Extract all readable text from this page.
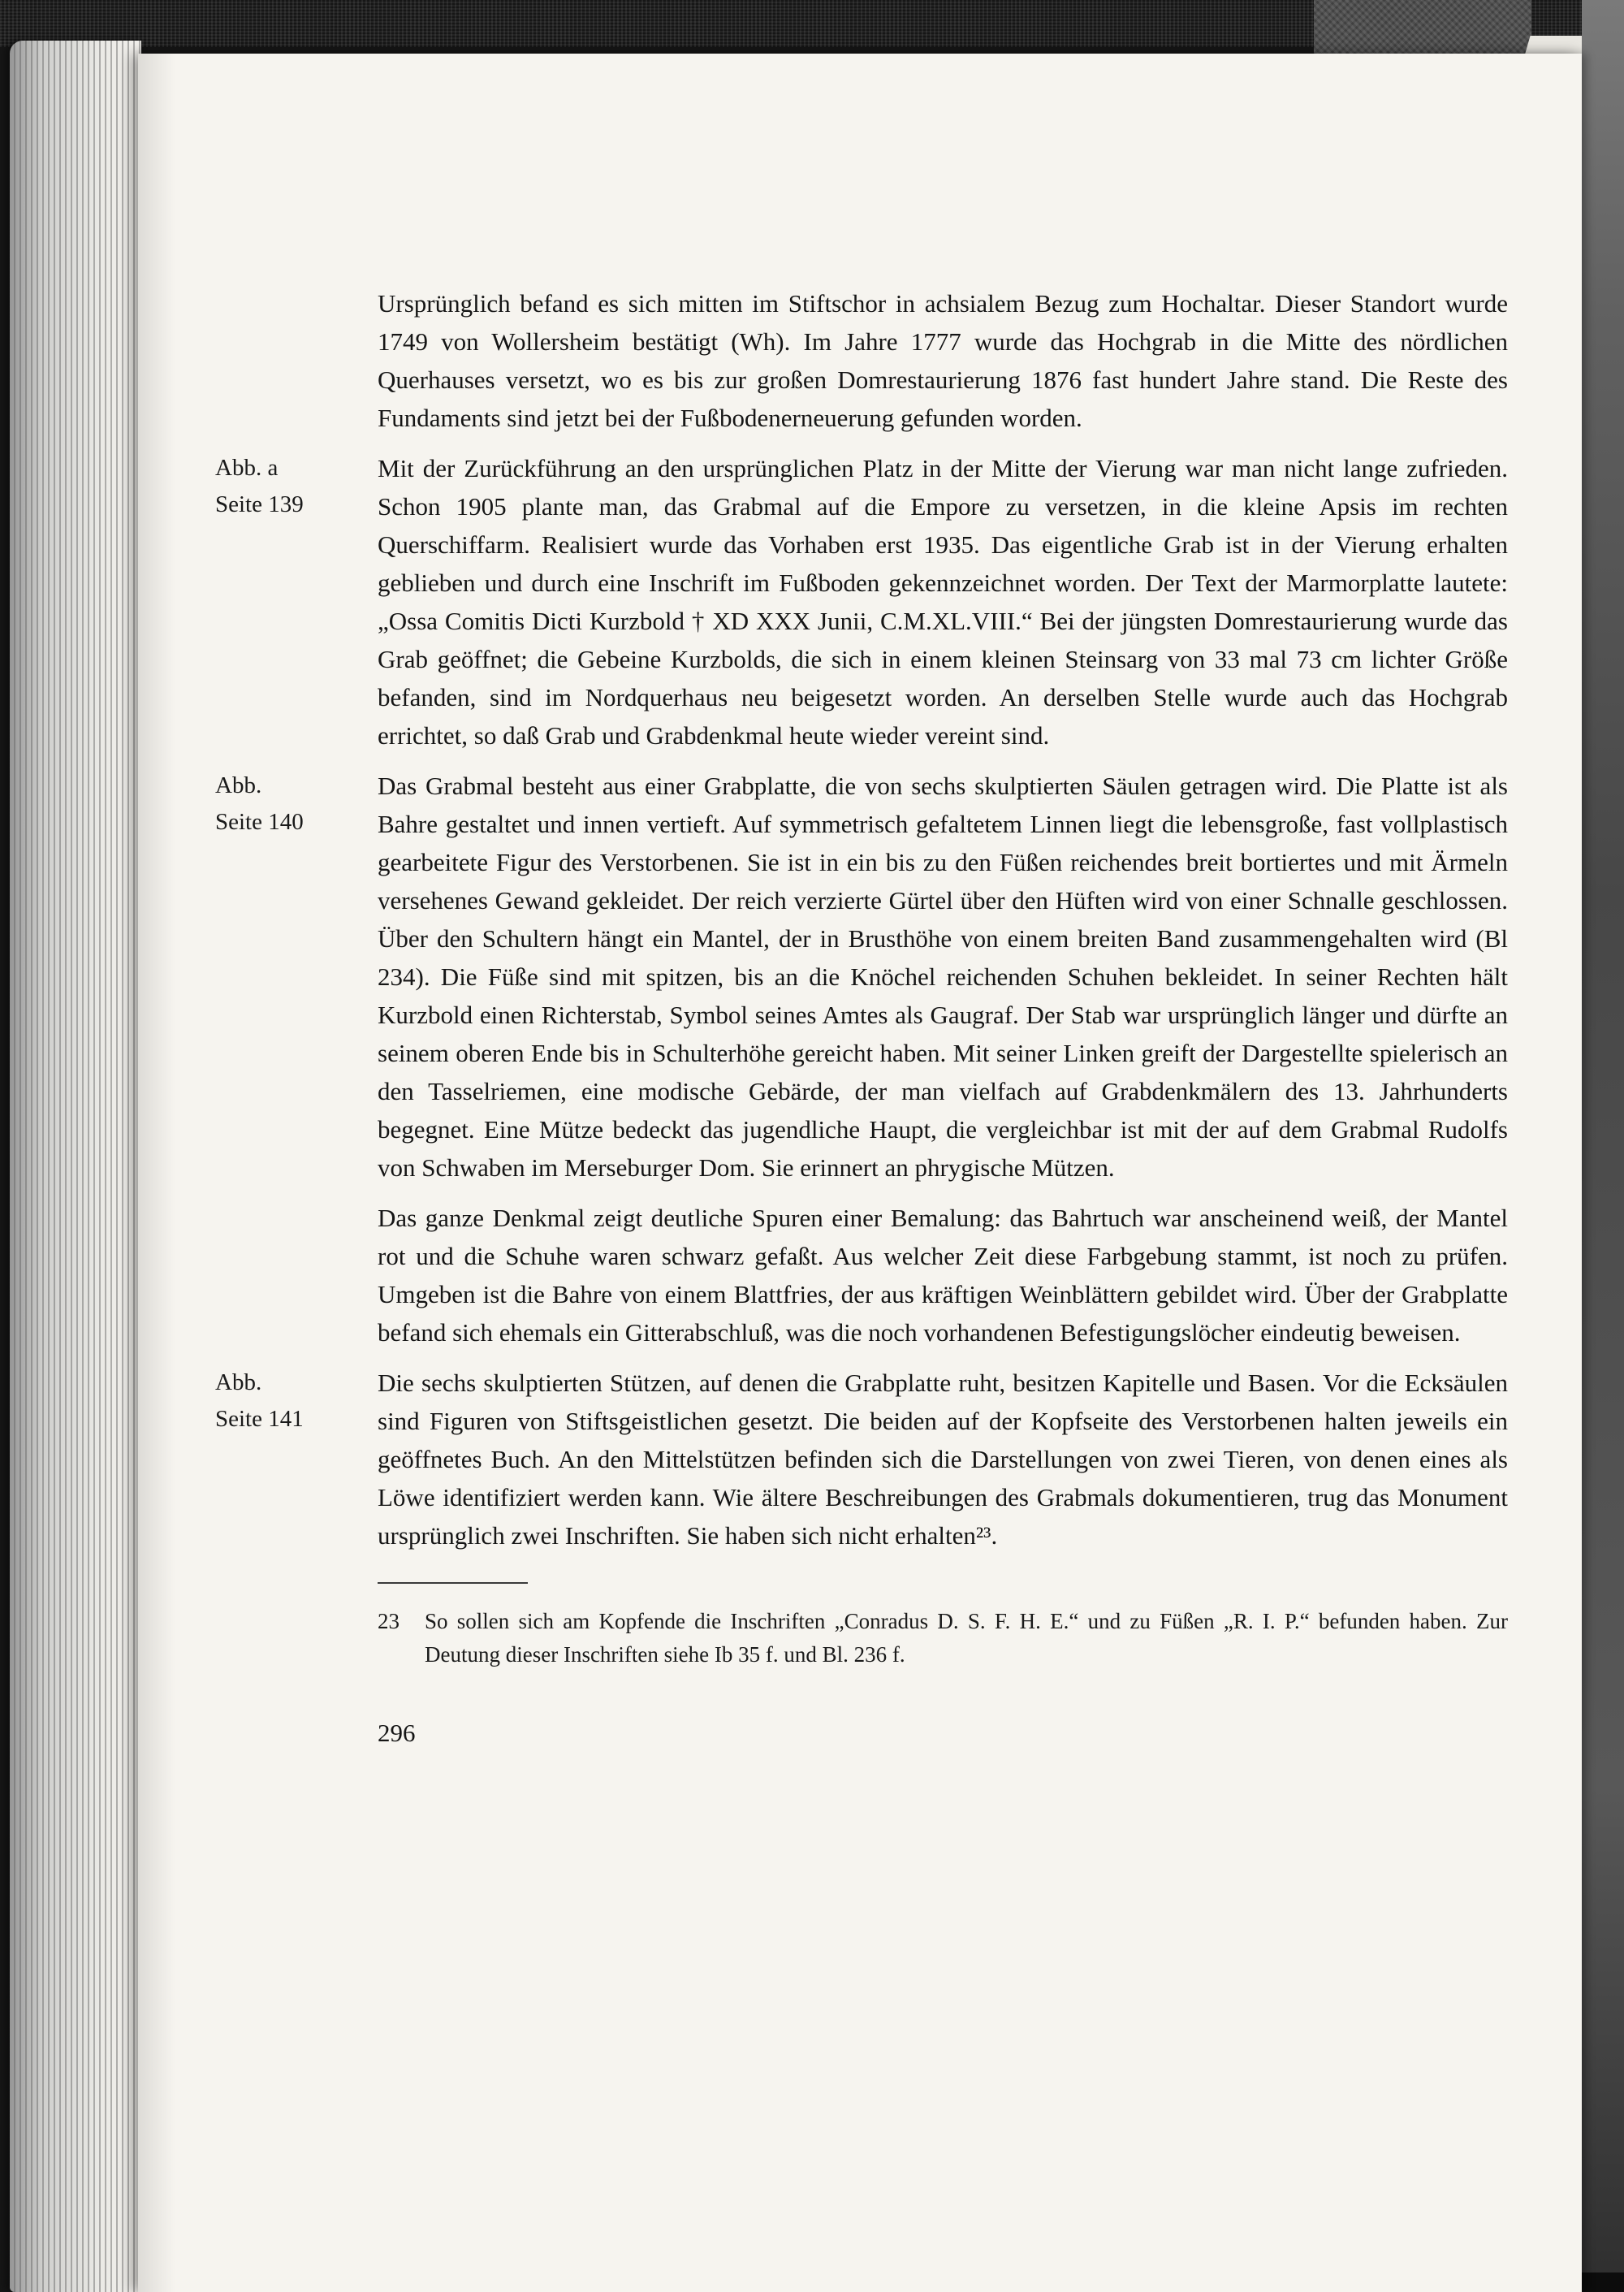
Ursprünglich befand es sich mitten im Stiftschor in achsialem Bezug zum Hochaltar. Dieser Standort wurde 1749 von Wollersheim bestätigt (Wh). Im Jahre 1777 wurde das Hochgrab in die Mitte des nördlichen Querhauses versetzt, wo es bis zur großen Domrestaurierung 1876 fast hundert Jahre stand. Die Reste des Fundaments sind jetzt bei der Fußbodenerneuerung gefunden worden.

Abb. a
Seite 139

Mit der Zurückführung an den ursprünglichen Platz in der Mitte der Vierung war man nicht lange zufrieden. Schon 1905 plante man, das Grabmal auf die Empore zu versetzen, in die kleine Apsis im rechten Querschiffarm. Realisiert wurde das Vorhaben erst 1935. Das eigentliche Grab ist in der Vierung erhalten geblieben und durch eine Inschrift im Fußboden gekennzeichnet worden. Der Text der Marmorplatte lautete: „Ossa Comitis Dicti Kurzbold † XD XXX Junii, C.M.XL.VIII.“ Bei der jüngsten Domrestaurierung wurde das Grab geöffnet; die Gebeine Kurzbolds, die sich in einem kleinen Steinsarg von 33 mal 73 cm lichter Größe befanden, sind im Nordquerhaus neu beigesetzt worden. An derselben Stelle wurde auch das Hochgrab errichtet, so daß Grab und Grabdenkmal heute wieder vereint sind.

Abb.
Seite 140

Das Grabmal besteht aus einer Grabplatte, die von sechs skulptierten Säulen getragen wird. Die Platte ist als Bahre gestaltet und innen vertieft. Auf symmetrisch gefaltetem Linnen liegt die lebensgroße, fast vollplastisch gearbeitete Figur des Verstorbenen. Sie ist in ein bis zu den Füßen reichendes breit bortiertes und mit Ärmeln versehenes Gewand gekleidet. Der reich verzierte Gürtel über den Hüften wird von einer Schnalle geschlossen. Über den Schultern hängt ein Mantel, der in Brusthöhe von einem breiten Band zusammengehalten wird (Bl 234). Die Füße sind mit spitzen, bis an die Knöchel reichenden Schuhen bekleidet. In seiner Rechten hält Kurzbold einen Richterstab, Symbol seines Amtes als Gaugraf. Der Stab war ursprünglich länger und dürfte an seinem oberen Ende bis in Schulterhöhe gereicht haben. Mit seiner Linken greift der Dargestellte spielerisch an den Tasselriemen, eine modische Gebärde, der man vielfach auf Grabdenkmälern des 13. Jahrhunderts begegnet. Eine Mütze bedeckt das jugendliche Haupt, die vergleichbar ist mit der auf dem Grabmal Rudolfs von Schwaben im Merseburger Dom. Sie erinnert an phrygische Mützen.

Das ganze Denkmal zeigt deutliche Spuren einer Bemalung: das Bahrtuch war anscheinend weiß, der Mantel rot und die Schuhe waren schwarz gefaßt. Aus welcher Zeit diese Farbgebung stammt, ist noch zu prüfen. Umgeben ist die Bahre von einem Blattfries, der aus kräftigen Weinblättern gebildet wird. Über der Grabplatte befand sich ehemals ein Gitterabschluß, was die noch vorhandenen Befestigungslöcher eindeutig beweisen.

Abb.
Seite 141

Die sechs skulptierten Stützen, auf denen die Grabplatte ruht, besitzen Kapitelle und Basen. Vor die Ecksäulen sind Figuren von Stiftsgeistlichen gesetzt. Die beiden auf der Kopfseite des Verstorbenen halten jeweils ein geöffnetes Buch. An den Mittelstützen befinden sich die Darstellungen von zwei Tieren, von denen eines als Löwe identifiziert werden kann. Wie ältere Beschreibungen des Grabmals dokumentieren, trug das Monument ursprünglich zwei Inschriften. Sie haben sich nicht erhalten²³.

23	So sollen sich am Kopfende die Inschriften „Conradus D. S. F. H. E.“ und zu Füßen „R. I. P.“ befunden haben. Zur Deutung dieser Inschriften siehe Ib 35 f. und Bl. 236 f.
296
